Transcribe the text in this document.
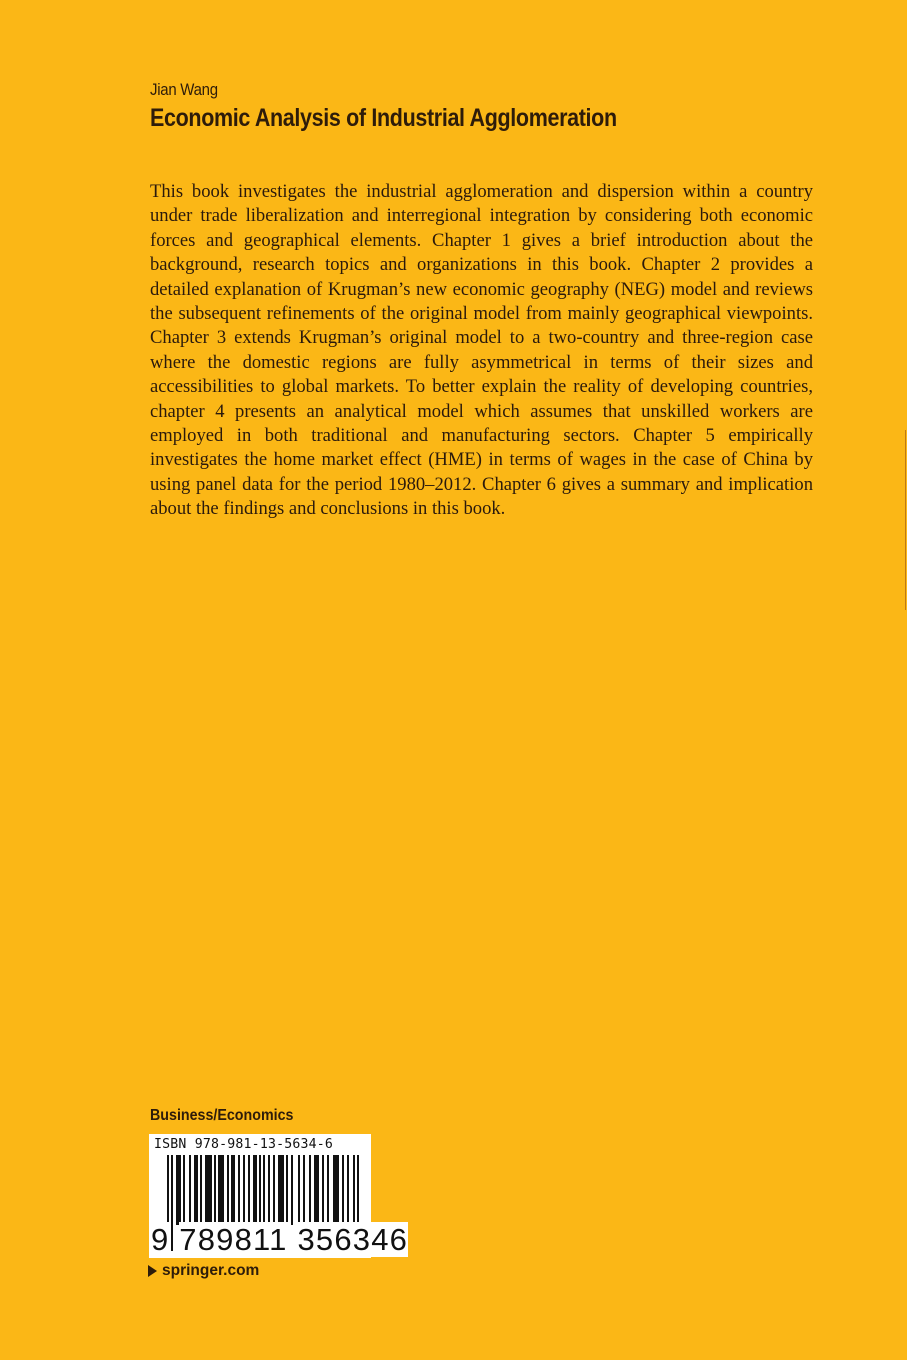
Jian Wang
Economic Analysis of Industrial Agglomeration

This book investigates the industrial agglomeration and dispersion within a country under trade liberalization and interregional integration by considering both economic forces and geographical elements. Chapter 1 gives a brief introduction about the background, research topics and organizations in this book. Chapter 2 provides a detailed explanation of Krugman’s new economic geography (NEG) model and reviews the subsequent refinements of the original model from mainly geographical viewpoints. Chapter 3 extends Krugman’s original model to a two-country and three-region case where the domestic regions are fully asymmetrical in terms of their sizes and accessibilities to global markets. To better explain the reality of developing countries, chapter 4 presents an analytical model which assumes that unskilled workers are employed in both traditional and manufacturing sectors. Chapter 5 empirically investigates the home market effect (HME) in terms of wages in the case of China by using panel data for the period 1980–2012. Chapter 6 gives a summary and implication about the findings and conclusions in this book.

Business/Economics
ISBN 978-981-13-5634-6
9 789811 356346
springer.com
